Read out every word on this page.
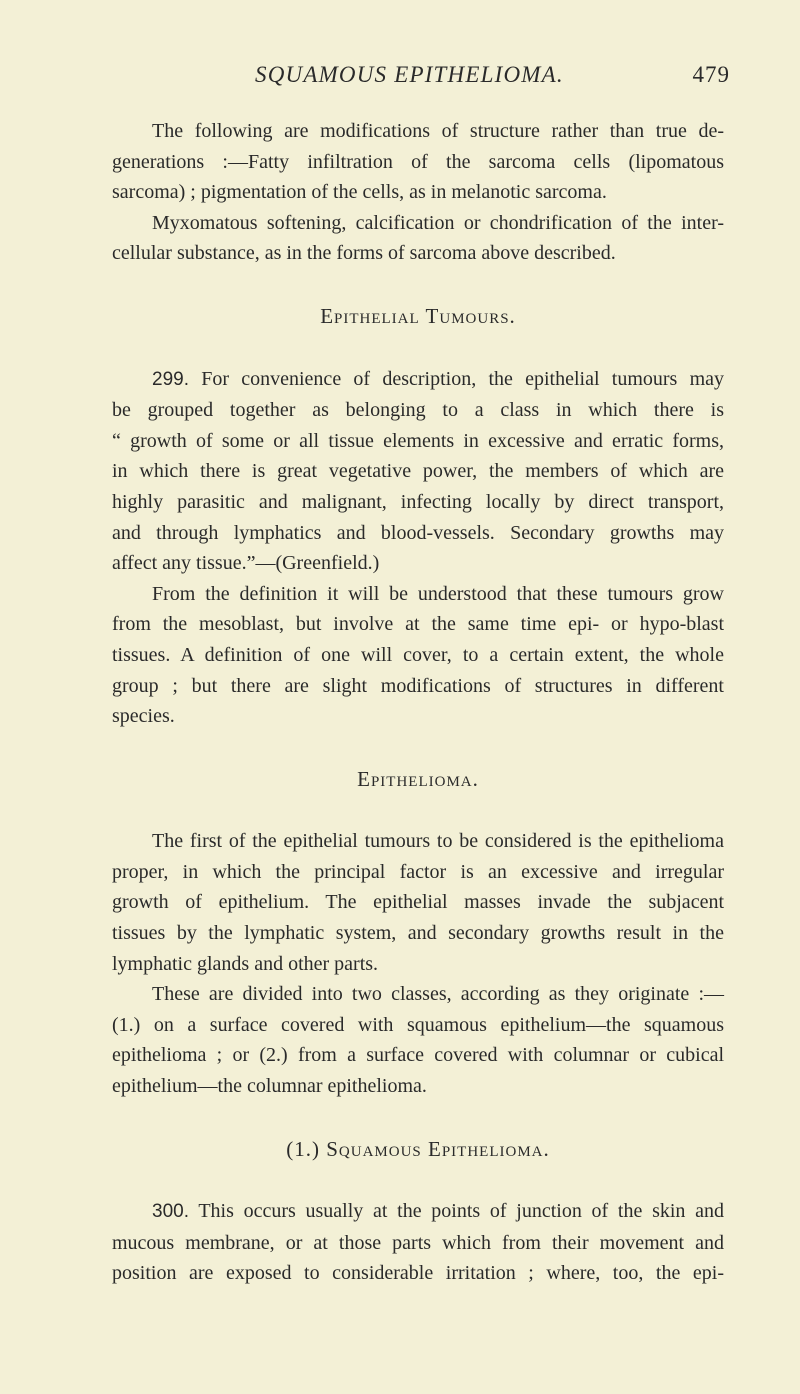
SQUAMOUS EPITHELIOMA.	479

The following are modifications of structure rather than true de-
generations :—Fatty infiltration of the sarcoma cells (lipomatous
sarcoma) ; pigmentation of the cells, as in melanotic sarcoma.

Myxomatous softening, calcification or chondrification of the inter-
cellular substance, as in the forms of sarcoma above described.

Epithelial Tumours.

299. For convenience of description, the epithelial tumours may
be grouped together as belonging to a class in which there is
“ growth of some or all tissue elements in excessive and erratic forms,
in which there is great vegetative power, the members of which are
highly parasitic and malignant, infecting locally by direct transport,
and through lymphatics and blood-vessels. Secondary growths may
affect any tissue.”—(Greenfield.)

From the definition it will be understood that these tumours grow
from the mesoblast, but involve at the same time epi- or hypo-blast
tissues. A definition of one will cover, to a certain extent, the whole
group ; but there are slight modifications of structures in different
species.

Epithelioma.

The first of the epithelial tumours to be considered is the epithelioma
proper, in which the principal factor is an excessive and irregular
growth of epithelium. The epithelial masses invade the subjacent
tissues by the lymphatic system, and secondary growths result in the
lymphatic glands and other parts.

These are divided into two classes, according as they originate :—
(1.) on a surface covered with squamous epithelium—the squamous
epithelioma ; or (2.) from a surface covered with columnar or cubical
epithelium—the columnar epithelioma.

(1.) Squamous Epithelioma.

300. This occurs usually at the points of junction of the skin and
mucous membrane, or at those parts which from their movement and
position are exposed to considerable irritation ; where, too, the epi-
